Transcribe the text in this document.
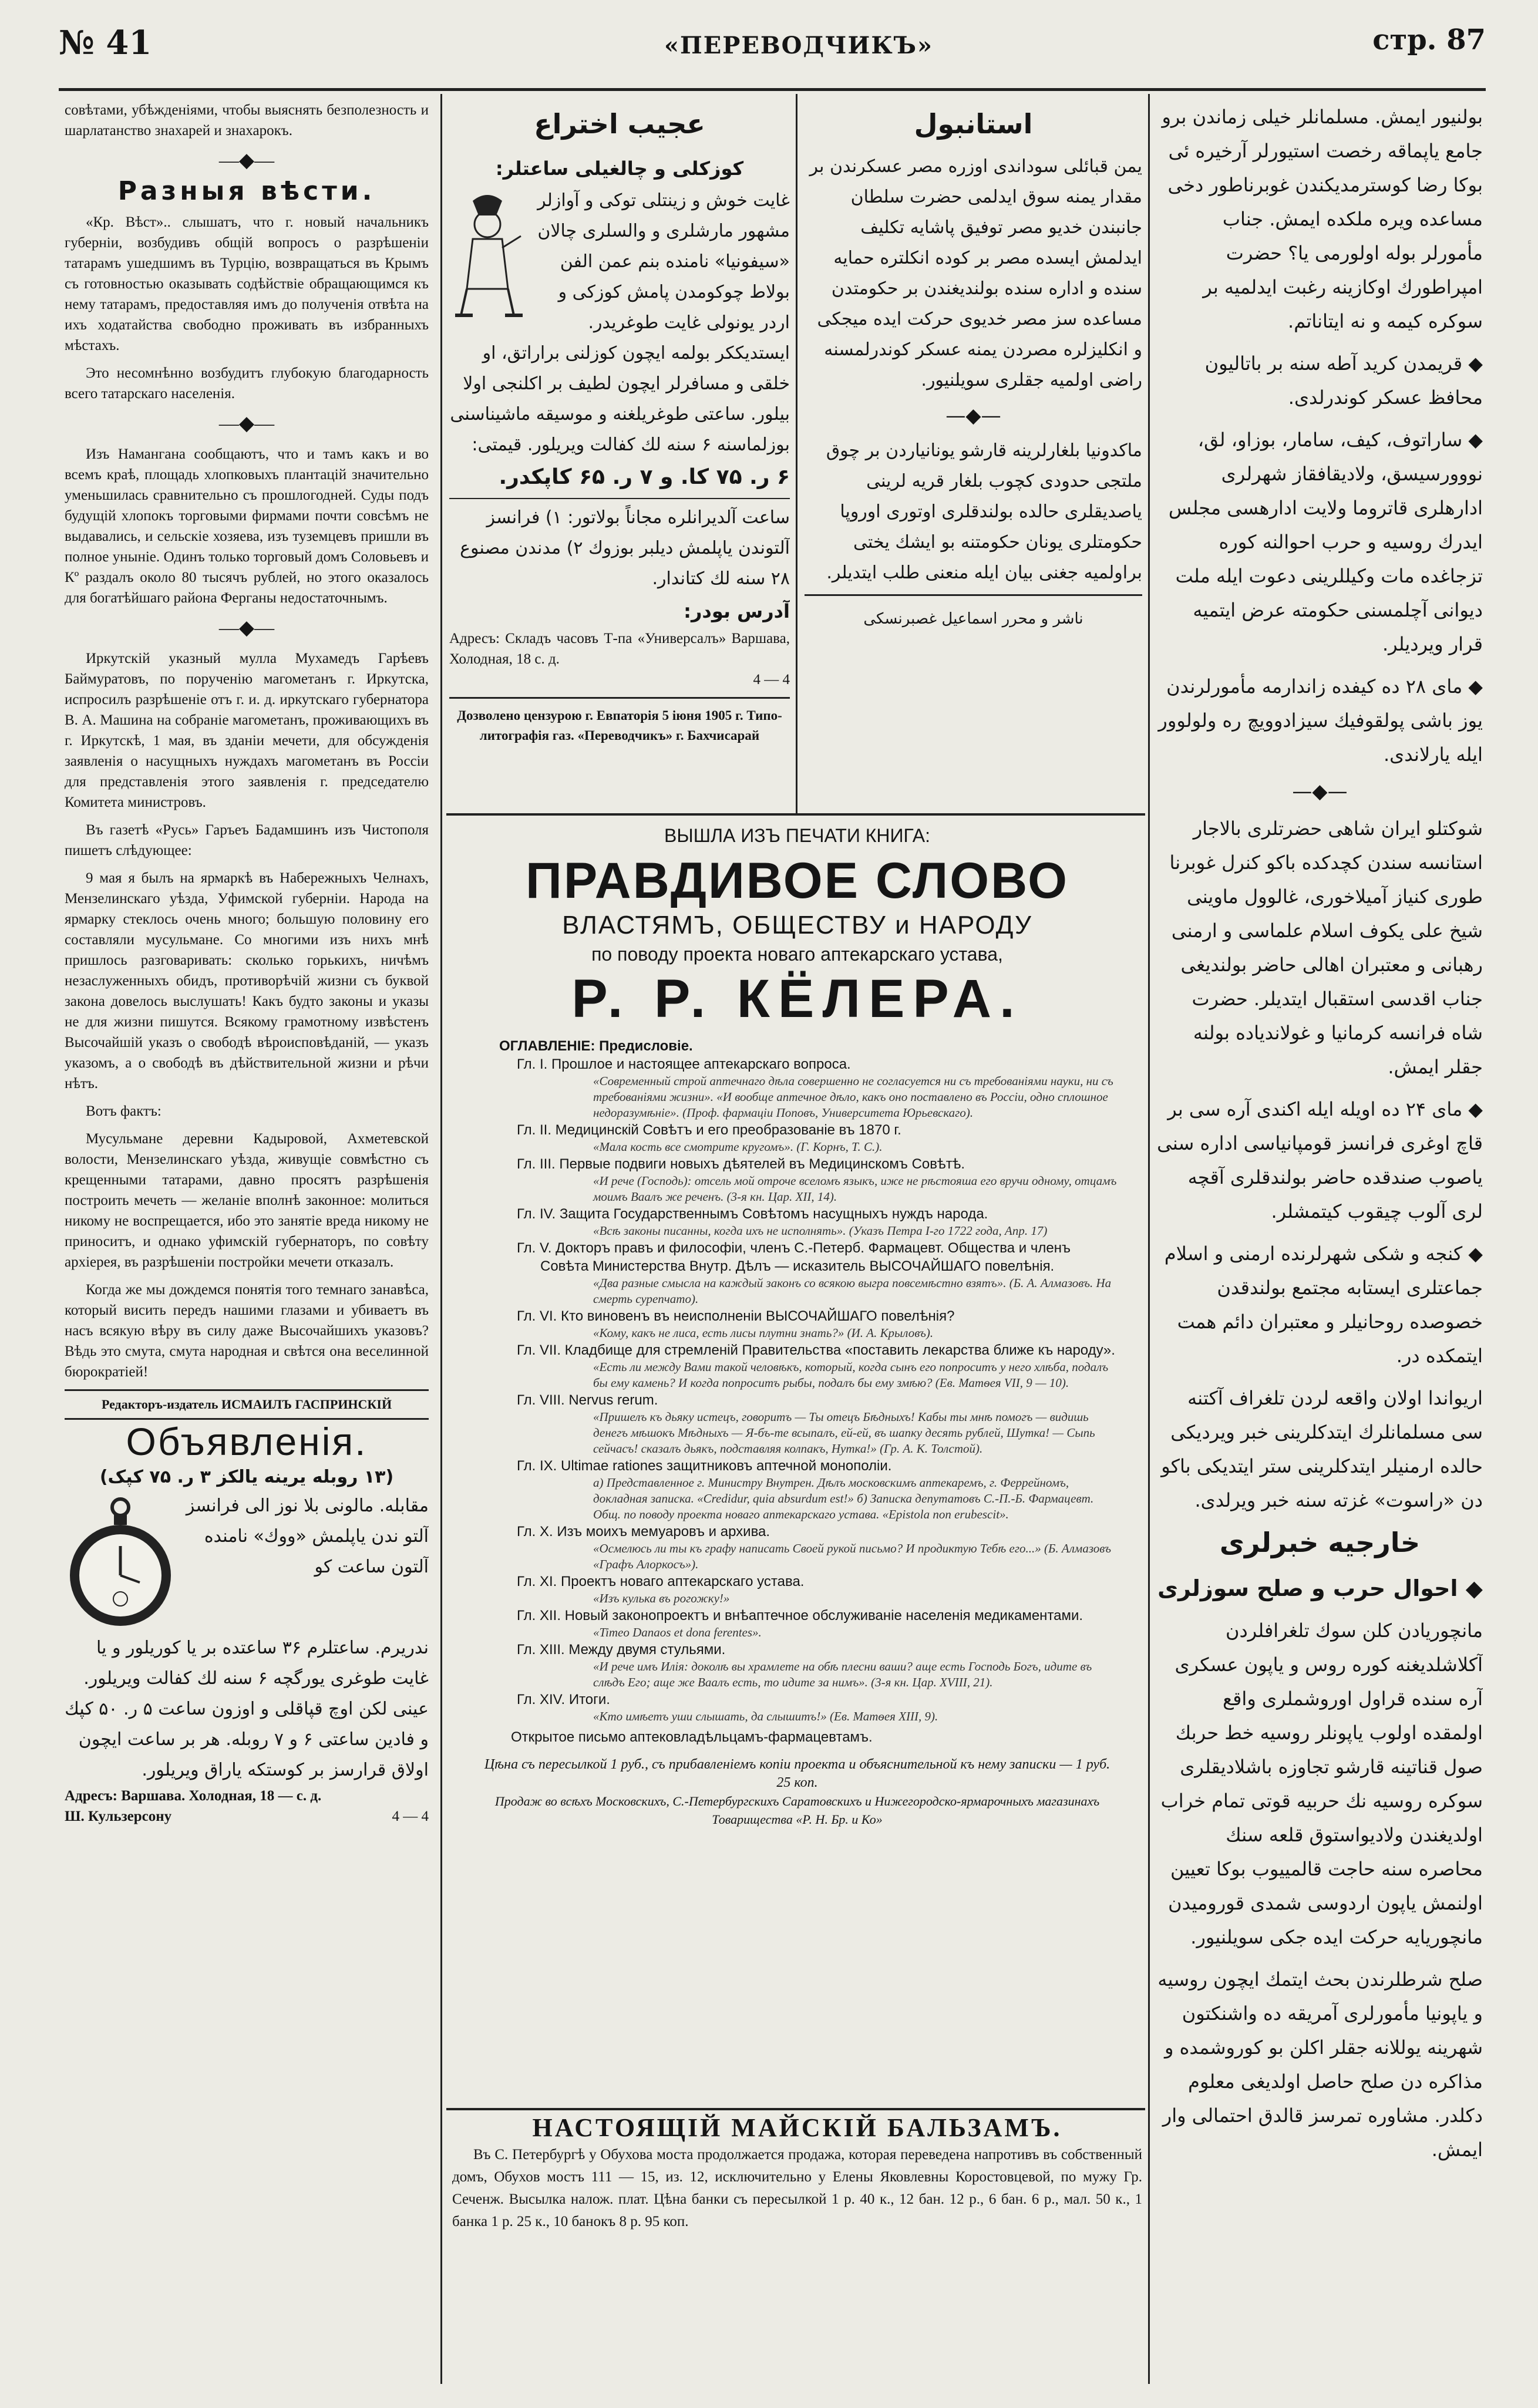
№ 41	«ПЕРЕВОДЧИКЪ»	стр. 87

совѣтами, убѣжденіями, чтобы выяснять безполезность и шарлатанство знахарей и знахарокъ.

—◆—
Разныя вѣсти.

«Кр. Вѣст».. слышатъ, что г. новый начальникъ губерніи, возбудивъ общій вопросъ о разрѣшеніи татарамъ ушедшимъ въ Турцію, возвращаться въ Крымъ съ готовностью оказывать содѣйствіе обращающимся къ нему татарамъ, предоставляя имъ до полученія отвѣта на ихъ ходатайства свободно проживать въ избранныхъ мѣстахъ.

Это несомнѣнно возбудитъ глубокую благодарность всего татарскаго населенія.

—◆—

Изъ Намангана сообщаютъ, что и тамъ какъ и во всемъ краѣ, площадь хлопковыхъ плантацій значительно уменьшилась сравнительно съ прошлогодней. Суды подъ будущій хлопокъ торговыми фирмами почти совсѣмъ не выдавались, и сельскіе хозяева, изъ туземцевъ пришли въ полное уныніе. Одинъ только торговый домъ Соловьевъ и Кº раздалъ около 80 тысячъ рублей, но этого оказалось для богатѣйшаго района Ферганы недостаточнымъ.

—◆—

Иркутскій указный мулла Мухамедъ Гарѣевъ Баймуратовъ, по порученію магометанъ г. Иркутска, испросилъ разрѣшеніе отъ г. и. д. иркутскаго губернатора В. А. Машина на собраніе магометанъ, проживающихъ въ г. Иркутскѣ, 1 мая, въ зданіи мечети, для обсужденія заявленія о насущныхъ нуждахъ магометанъ въ Россіи для представленія этого заявленія г. председателю Комитета министровъ.

Въ газетѣ «Русь» Гаръеъ Бадамшинъ изъ Чистополя пишетъ слѣдующее:

9 мая я былъ на ярмаркѣ въ Набережныхъ Челнахъ, Мензелинскаго уѣзда, Уфимской губерніи. Народа на ярмарку стеклось очень много; большую половину его составляли мусульмане. Со многими изъ нихъ мнѣ пришлось разговаривать: сколько горькихъ, ничѣмъ незаслуженныхъ обидъ, противорѣчій жизни съ буквой закона довелось выслушать! Какъ будто законы и указы не для жизни пишутся. Всякому грамотному извѣстенъ Высочайшій указъ о свободѣ вѣроисповѣданій, — указъ указомъ, а о свободѣ въ дѣйствительной жизни и рѣчи нѣтъ.

Вотъ фактъ:

Мусульмане деревни Кадыровой, Ахметевской волости, Мензелинскаго уѣзда, живущіе совмѣстно съ крещенными татарами, давно просятъ разрѣшенія построить мечеть — желаніе вполнѣ законное: молиться никому не воспрещается, ибо это занятіе вреда никому не приноситъ, и однако уфимскій губернаторъ, по совѣту архіерея, въ разрѣшеніи постройки мечети отказалъ.

Когда же мы дождемся понятія того темнаго занавѣса, который висить передъ нашими глазами и убиваетъ въ насъ всякую вѣру въ силу даже Высочайшихъ указовъ? Вѣдь это смута, смута народная и свѣтся она веселинной бюрократіей!

Редакторъ-издатель ИСМАИЛЪ ГАСПРИНСКІЙ
Объявленія.
(۱۳ روبله یرینه یالکز ۳ ر. ۷۵ کپک)
مقابله. مالونی بلا نوز الی فرانسز آلتو ندن یاپلمش «ووك» نامنده آلتون ساعت کو
ندریرم. ساعتلرم ۳۶ ساعتده بر یا کوریلور و یا غایت طوغری یورگچه ۶ سنه لك کفالت ویریلور. عینی لکن اوچ قپاقلی و اوزون ساعت ۵ ر. ۵۰ کپك و فادین ساعتی ۶ و ۷ روبله. هر بر ساعت ایچون اولاق قرارسز بر کوستکه یاراق ویریلور.
Адресъ: Варшава. Холодная, 18 — с. д.
Ш. Кульзерсону	4 — 4
عجیب اختراع
کوزکلی و چالغیلی ساعتلر:
غایت خوش و زینتلی توکی و آوازلر مشهور مارشلری و والسلری چالان «سیفونیا» نامنده بنم عمن الفن بولاط چوکومدن پامش کوزکی و اردر یونولی غایت طوغریدر. ایستدیککر بولمه ایچون کوزلنی براراتق، او خلقی و مسافرلر ایچون لطیف بر اکلنجی اولا بیلور. ساعتی طوغریلغنه و موسیقه ماشیناسنی بوزلماسنه ۶ سنه لك کفالت ویریلور. قیمتی:
۶ ر. ۷۵ کا. و ۷ ر. ۶۵ کاپکدر.
ساعت آلدیرانلره مجاناً بولاتور: ۱) فرانسز آلتوندن یاپلمش دیلبر بوزوك ۲) مدندن مصنوع ۲۸ سنه لك کتاندار.
آدرس بودر:
Адресъ: Складъ часовъ Т-па «Универсалъ» Варшава, Холодная, 18 с. д.
4 — 4
Дозволено цензурою г. Евпаторія 5 іюня 1905 г. Типо-литографія газ. «Переводчикъ» г. Бахчисарай
استانبول
یمن قبائلی سوداندی اوزره مصر عسکرندن بر مقدار یمنه سوق ایدلمی حضرت سلطان جانبندن خدیو مصر توفیق پاشایه تکلیف ایدلمش ایسده مصر بر کوده انکلتره حمایه سنده و اداره سنده بولندیغندن بر حکومتدن مساعده سز مصر خدیوی حرکت ایده میجکی و انکلیزلره مصردن یمنه عسکر کوندرلمسنه راضی اولمیه جقلری سویلنیور.
—◆—
ماکدونیا بلغارلرینه قارشو یونانیاردن بر چوق ملتجی حدودی کچوب بلغار قریه لرینی یاصدیقلری حالده بولندقلری اوتوری اوروپا حکومتلری یونان حکومتنه بو ایشك یختی براولمیه جغنی بیان ایله منعنی طلب ایتدیلر.
ناشر و محرر اسماعیل غصبرنسکی
ВЫШЛА ИЗЪ ПЕЧАТИ КНИГА:
ПРАВДИВОЕ СЛОВО
ВЛАСТЯМЪ, ОБЩЕСТВУ и НАРОДУ
по поводу проекта новаго аптекарскаго устава,
Р. Р. КЁЛЕРА.
ОГЛАВЛЕНІЕ: Предисловіе.
Гл. I. Прошлое и настоящее аптекарскаго вопроса.
«Современный строй аптечнаго дѣла совершенно не согласуется ни съ требованіями науки, ни съ требованіями жизни». «И вообще аптечное дѣло, какъ оно поставлено въ Россіи, одно сплошное недоразумѣніе». (Проф. фармаціи Поповъ, Университета Юрьевскаго).
Гл. II. Медицинскій Совѣтъ и его преобразованіе въ 1870 г.
«Мала кость все смотрите кругомъ». (Г. Корнъ, Т. С.).
Гл. III. Первые подвиги новыхъ дѣятелей въ Медицинскомъ Совѣтѣ.
«И рече (Господь): отсель мой отроче вселомъ языкъ, иже не рѣстояша его вручи одному, отцамъ моимъ Ваалъ же реченъ. (3-я кн. Цар. XII, 14).
Гл. IV. Защита Государственнымъ Совѣтомъ насущныхъ нуждъ народа.
«Всѣ законы писанны, когда ихъ не исполнять». (Указъ Петра І-го 1722 года, Апр. 17)
Гл. V. Докторъ правъ и философіи, членъ С.-Петерб. Фармацевт. Общества и членъ Совѣта Министерства Внутр. Дѣлъ — исказитель ВЫСОЧАЙШАГО повелѣнія.
«Два разные смысла на каждый законъ со всякою выгра повсемѣстно взятъ». (Б. А. Алмазовъ. На смерть сурепчато).
Гл. VI. Кто виновенъ въ неисполненіи ВЫСОЧАЙШАГО повелѣнія?
«Кому, какъ не лиса, есть лисы плутни знать?» (И. А. Крыловъ).
Гл. VII. Кладбище для стремленій Правительства «поставить лекарства ближе къ народу».
«Есть ли между Вами такой человѣкъ, который, когда сынъ его попроситъ у него хлѣба, подалъ бы ему камень? И когда попроситъ рыбы, подалъ бы ему змѣю? (Ев. Матѳея VII, 9 — 10).
Гл. VIII. Nervus rerum.
«Пришелъ къ дьяку истецъ, говоритъ — Ты отецъ Бѣдныхъ! Кабы ты мнѣ помогъ — видишь денегъ мѣшокъ Мѣдныхъ — Я-бъ-те всыпалъ, ей-ей, въ шапку десять рублей, Шутка! — Сыпь сейчасъ! сказалъ дьякъ, подставляя колпакъ, Нутка!» (Гр. А. К. Толстой).
Гл. IX. Ultimae rationes защитниковъ аптечной монополіи.
а) Представленное г. Министру Внутрен. Дѣлъ московскимъ аптекаремъ, г. Феррейномъ, докладная записка. «Credidur, quia absurdum est!» б) Записка депутатовъ С.-П.-Б. Фармацевт. Общ. по поводу проекта новаго аптекарскаго устава. «Epistola non erubescit».
Гл. X. Изъ моихъ мемуаровъ и архива.
«Осмелюсь ли ты къ графу написать Своей рукой письмо? И продиктую Тебѣ его...» (Б. Алмазовъ «Графъ Алоркосъ»).
Гл. XI. Проектъ новаго аптекарскаго устава.
«Изъ кулька въ рогожку!»
Гл. XII. Новый законопроектъ и внѣаптечное обслуживаніе населенія медикаментами.
«Timeo Danaos et dona ferentes».
Гл. XIII. Между двумя стульями.
«И рече имъ Илія: доколѣ вы храмлете на обѣ плесни ваши? аще есть Господь Богъ, идите въ слѣдъ Его; аще же Ваалъ есть, то идите за нимъ». (3-я кн. Цар. XVIII, 21).
Гл. XIV. Итоги.
«Кто имѣетъ уши слышать, да слышитъ!» (Ев. Матѳея XIII, 9).
Открытое письмо аптековладѣльцамъ-фармацевтамъ.
Цѣна съ пересылкой 1 руб., съ прибавленіемъ копіи проекта и объяснительной къ нему записки — 1 руб. 25 коп.
Продаж во всѣхъ Московскихъ, С.-Петербургскихъ Саратовскихъ и Нижегородско-ярмарочныхъ магазинахъ Товарищества «Р. Н. Бр. и Ко»
НАСТОЯЩІЙ МАЙСКІЙ БАЛЬЗАМЪ.

Въ С. Петербургѣ у Обухова моста продолжается продажа, которая переведена напротивъ въ собственный домъ, Обухов мостъ 111 — 15, из. 12, исключительно у Елены Яковлевны Коростовцевой, по мужу Гр. Сеченж. Высылка налож. плат. Цѣна банки съ пересылкой 1 р. 40 к., 12 бан. 12 р., 6 бан. 6 р., мал. 50 к., 1 банка 1 р. 25 к., 10 банокъ 8 р. 95 коп.

بولنیور ایمش. مسلمانلر خیلی زماندن برو جامع یاپماقه رخصت استیورلر آرخیره ئی بوکا رضا کوسترمدیکندن غوبرناطور دخی مساعده ویره ملکده ایمش. جناب مأمورلر بوله اولورمی یا؟ حضرت امپراطورك اوکازینه رغبت ایدلمیه بر سوکره کیمه و نه ایتاناتم.

◆ قریمدن کرید آطه سنه بر باتالیون محافظ عسکر کوندرلدی.

◆ ساراتوف، کیف، سامار، بوزاو، لق، نووورسیسق، ولادیقافقاز شهرلری ادارهلری قاتروما ولایت ادارهسی مجلس ایدرك روسیه و حرب احوالنه کوره تزجاغده مات وکیللرینی دعوت ایله ملت دیوانی آچلمسنی حکومته عرض ایتمیه قرار ویردیلر.

◆ مای ۲۸ ده کیفده زاندارمه مأمورلرندن یوز باشی پولقوفیك سیزادوویچ ره ولولوور ایله یارلاندی.

—◆—

شوکتلو ایران شاهی حضرتلری بالاجار استانسه سندن کچدکده باکو کنرل غوبرنا طوری کنیاز آمیلاخوری، غالوول ماوینی شیخ علی یکوف اسلام علماسی و ارمنی رهبانی و معتبران اهالی حاضر بولندیغی جناب اقدسی استقبال ایتدیلر. حضرت شاه فرانسه کرمانیا و غولاندیاده بولنه جقلر ایمش.

◆ مای ۲۴ ده اویله ایله اکندی آره سی بر قاچ اوغری فرانسز قومپانیاسی اداره سنی یاصوب صندقده حاضر بولندقلری آقچه لری آلوب چیقوب کیتمشلر.

◆ کنجه و شکی شهرلرنده ارمنی و اسلام جماعتلری ایستابه مجتمع بولندقدن خصوصده روحانیلر و معتبران دائم همت ایتمکده در.

اریواندا اولان واقعه لردن تلغراف آکتنه سی مسلمانلرك ایتدکلرینی خبر ویردیکی حالده ارمنیلر ایتدکلرینی ستر ایتدیکی باکو دن «راسوت» غزته سنه خبر ویرلدی.

خارجیه خبرلری

◆ احوال حرب و صلح سوزلری

مانچوریادن کلن سوك تلغرافلردن آکلاشلدیغنه کوره روس و یاپون عسکری آره سنده قراول اوروشملری واقع اولمقده اولوب یاپونلر روسیه خط حربك صول قناتینه قارشو تجاوزه باشلادیقلری سوکره روسیه نك حربیه قوتی تمام خراب اولدیغندن ولادیواستوق قلعه سنك محاصره سنه حاجت قالمییوب بوکا تعیین اولنمش یاپون اردوسی شمدی قورومیدن مانچوریایه حرکت ایده جکی سویلنیور.

صلح شرطلرندن بحث ایتمك ایچون روسیه و یاپونیا مأمورلری آمریقه ده واشنکتون شهرینه یوللانه جقلر اکلن بو کوروشمده و مذاکره دن صلح حاصل اولدیغی معلوم دکلدر. مشاوره تمرسز قالدق احتمالی وار ایمش.
